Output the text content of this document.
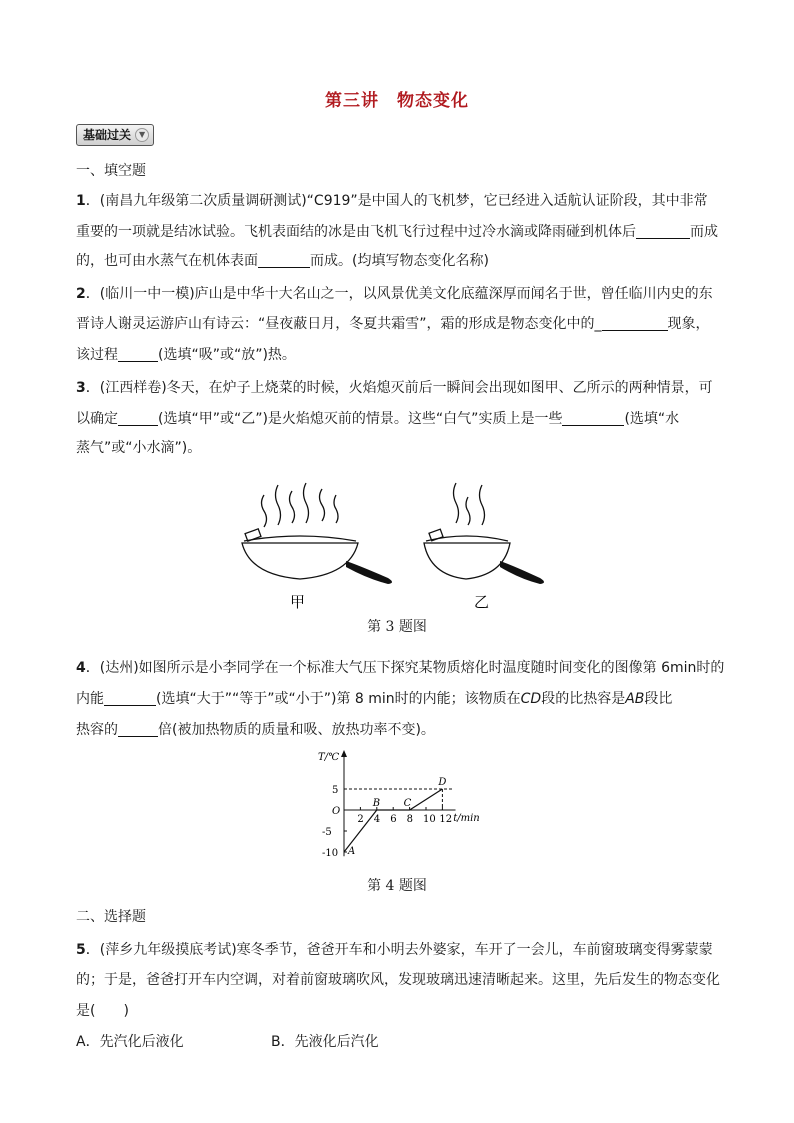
第三讲　物态变化
基础过关 ▼
一、填空题
1．(南昌九年级第二次质量调研测试)“C919”是中国人的飞机梦，它已经进入适航认证阶段，其中非常
重要的一项就是结冰试验。飞机表面结的冰是由飞机飞行过程中过冷水滴或降雨碰到机体后	而成
的，也可由水蒸气在机体表面	而成。(均填写物态变化名称)
2．(临川一中一模)庐山是中华十大名山之一，以风景优美文化底蕴深厚而闻名于世，曾任临川内史的东
晋诗人谢灵运游庐山有诗云：“昼夜蔽日月，冬夏共霜雪”，霜的形成是物态变化中的_	现象，
该过程	(选填“吸”或“放”)热。
3．(江西样卷)冬天，在炉子上烧菜的时候，火焰熄灭前后一瞬间会出现如图甲、乙所示的两种情景，可
以确定	(选填“甲”或“乙”)是火焰熄灭前的情景。这些“白气”实质上是一些	(选填“水
蒸气”或“小水滴”)。
甲	乙
第 3 题图
4．(达州)如图所示是小李同学在一个标准大气压下探究某物质熔化时温度随时间变化的图像第 6min时的
内能	(选填“大于”“等于”或“小于”)第 8 min时的内能；该物质在CD段的比热容是AB段比
热容的	倍(被加热物质的质量和吸、放热功率不变)。
T/℃
t/min
O
2 4 6 8 10 12
5
-5
-10 A
B C
D
第 4 题图
二、选择题
5．(萍乡九年级摸底考试)寒冬季节，爸爸开车和小明去外婆家，车开了一会儿，车前窗玻璃变得雾蒙蒙
的；于是，爸爸打开车内空调，对着前窗玻璃吹风，发现玻璃迅速清晰起来。这里，先后发生的物态变化
是(　　)
A．先汽化后液化	B．先液化后汽化
